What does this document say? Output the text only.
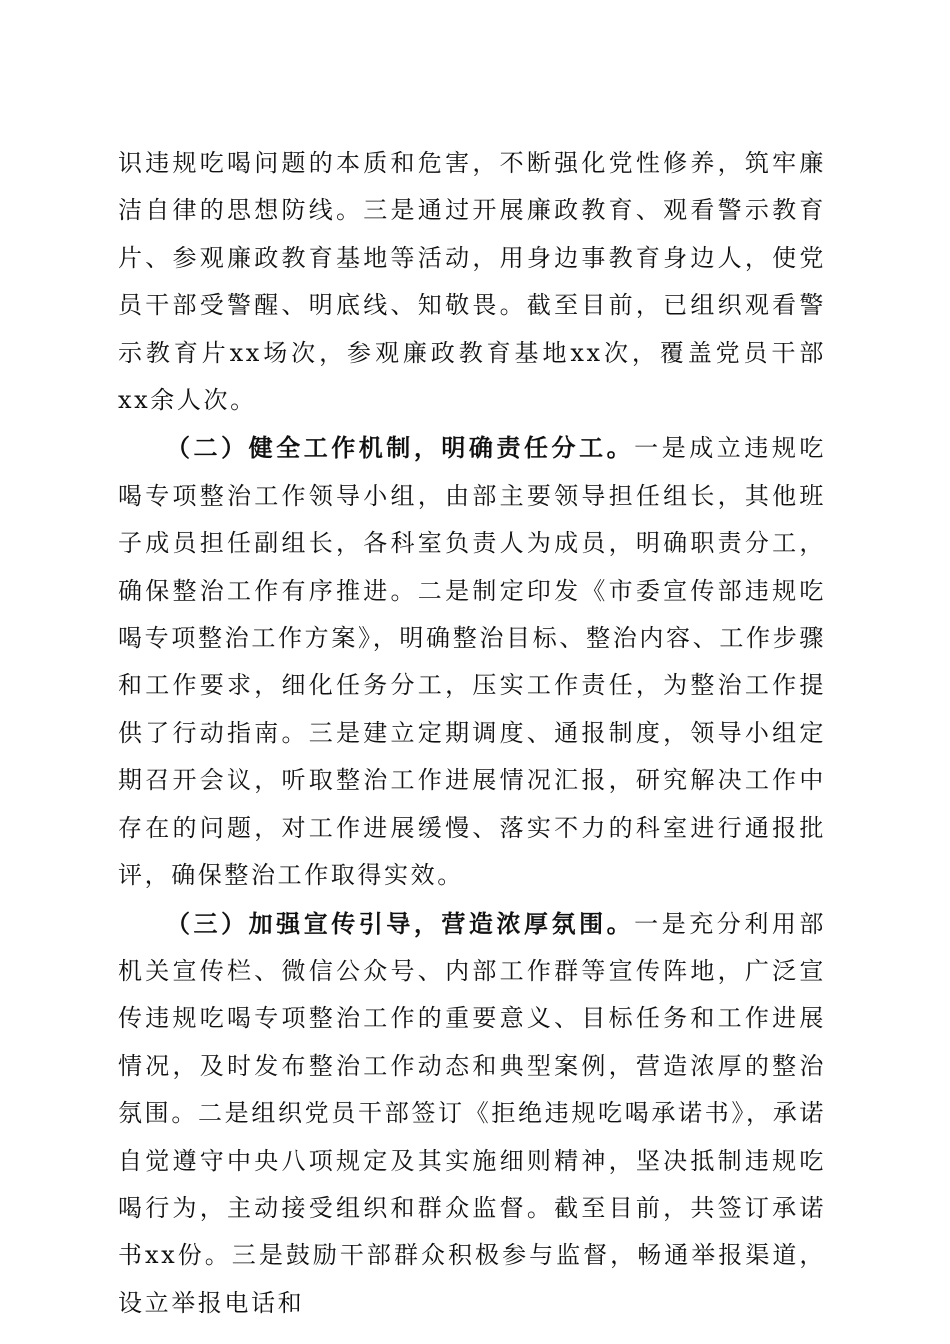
识违规吃喝问题的本质和危害，不断强化党性修养，筑牢廉洁自律的思想防线。三是通过开展廉政教育、观看警示教育片、参观廉政教育基地等活动，用身边事教育身边人，使党员干部受警醒、明底线、知敬畏。截至目前，已组织观看警示教育片xx场次，参观廉政教育基地xx次，覆盖党员干部xx余人次。

（二）健全工作机制，明确责任分工。一是成立违规吃喝专项整治工作领导小组，由部主要领导担任组长，其他班子成员担任副组长，各科室负责人为成员，明确职责分工，确保整治工作有序推进。二是制定印发《市委宣传部违规吃喝专项整治工作方案》，明确整治目标、整治内容、工作步骤和工作要求，细化任务分工，压实工作责任，为整治工作提供了行动指南。三是建立定期调度、通报制度，领导小组定期召开会议，听取整治工作进展情况汇报，研究解决工作中存在的问题，对工作进展缓慢、落实不力的科室进行通报批评，确保整治工作取得实效。

（三）加强宣传引导，营造浓厚氛围。一是充分利用部机关宣传栏、微信公众号、内部工作群等宣传阵地，广泛宣传违规吃喝专项整治工作的重要意义、目标任务和工作进展情况，及时发布整治工作动态和典型案例，营造浓厚的整治氛围。二是组织党员干部签订《拒绝违规吃喝承诺书》，承诺自觉遵守中央八项规定及其实施细则精神，坚决抵制违规吃喝行为，主动接受组织和群众监督。截至目前，共签订承诺书xx份。三是鼓励干部群众积极参与监督，畅通举报渠道，设立举报电话和
